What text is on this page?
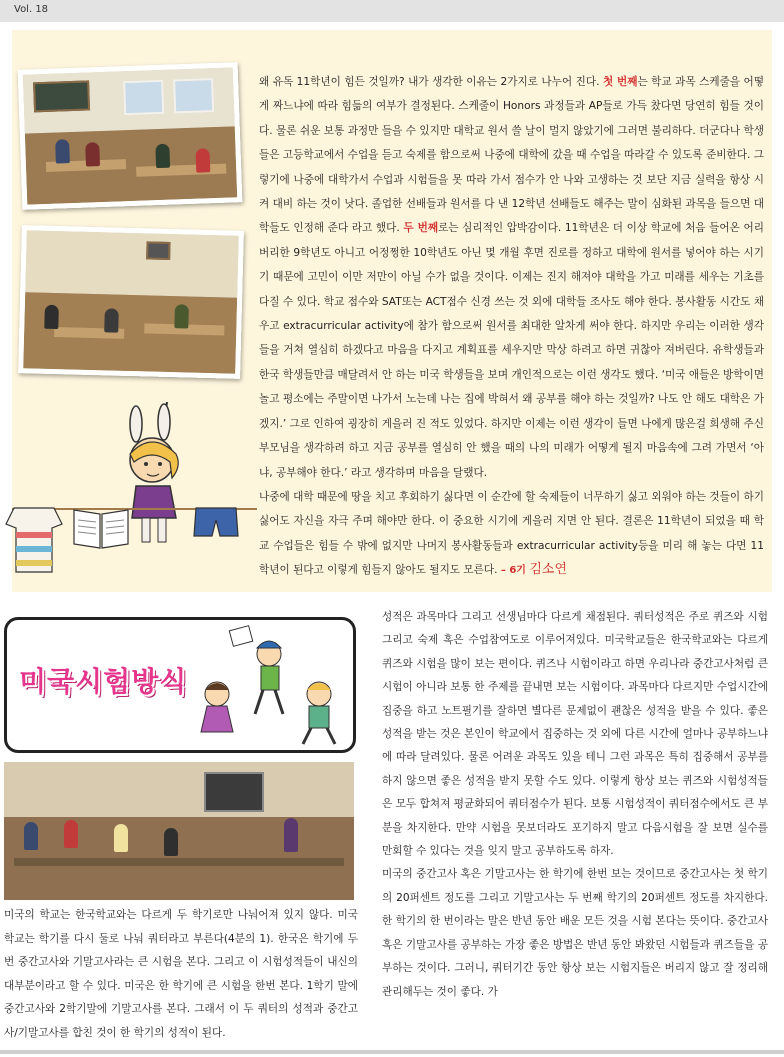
Vol. 18

왜 유독 11학년이 힘든 것일까? 내가 생각한 이유는 2가지로 나누어 진다. 첫 번째는 학교 과목 스케줄을 어떻게 짜느냐에 따라 힘듦의 여부가 결정된다. 스케줄이 Honors 과정들과 AP들로 가득 찼다면 당연히 힘들 것이다. 물론 쉬운 보통 과정만 들을 수 있지만 대학교 원서 쓸 날이 멀지 않았기에 그러면 불리하다. 더군다나 학생들은 고등학교에서 수업을 듣고 숙제를 함으로써 나중에 대학에 갔을 때 수업을 따라갈 수 있도록 준비한다. 그렇기에 나중에 대학가서 수업과 시험들을 못 따라 가서 점수가 안 나와 고생하는 것 보단 지금 실력을 항상 시켜 대비 하는 것이 낫다. 졸업한 선배들과 원서를 다 낸 12학년 선배들도 해주는 말이 심화된 과목을 들으면 대학들도 인정해 준다 라고 했다. 두 번째로는 심리적인 압박감이다. 11학년은 더 이상 학교에 처음 들어온 어리버리한 9학년도 아니고 어정쩡한 10학년도 아닌 몇 개월 후면 진로를 정하고 대학에 원서를 넣어야 하는 시기기 때문에 고민이 이만 저만이 아닐 수가 없을 것이다. 이제는 진지 해져야 대학을 가고 미래를 세우는 기초를 다질 수 있다. 학교 점수와 SAT또는 ACT점수 신경 쓰는 것 외에 대학들 조사도 해야 한다. 봉사활동 시간도 채우고 extracurricular activity에 참가 함으로써 원서를 최대한 알차게 써야 한다. 하지만 우리는 이러한 생각들을 거쳐 열심히 하겠다고 마음을 다지고 계획표를 세우지만 막상 하려고 하면 귀찮아 져버린다. 유학생들과 한국 학생들만큼 매달려서 안 하는 미국 학생들을 보며 개인적으로는 이런 생각도 했다. ‘미국 애들은 방학이면 놀고 평소에는 주말이면 나가서 노는데 나는 집에 박혀서 왜 공부를 해야 하는 것일까? 나도 안 해도 대학은 가겠지.’ 그로 인하여 굉장히 게을러 진 적도 있었다. 하지만 이제는 이런 생각이 들면 나에게 많은걸 희생해 주신 부모님을 생각하려 하고 지금 공부를 열심히 안 했을 때의 나의 미래가 어떻게 될지 마음속에 그려 가면서 ‘아냐, 공부해야 한다.’ 라고 생각하며 마음을 달랬다.

나중에 대학 때문에 땅을 치고 후회하기 싫다면 이 순간에 할 숙제들이 너무하기 싫고 외워야 하는 것들이 하기 싫어도 자신을 자극 주며 해야만 한다. 이 중요한 시기에 게을러 지면 안 된다. 결론은 11학년이 되었을 때 학교 수업들은 힘들 수 밖에 없지만 나머지 봉사활동들과 extracurricular activity등을 미리 해 놓는 다면 11학년이 된다고 이렇게 힘들지 않아도 될지도 모른다. – 6기 김소연

미국시험방식
미국의 학교는 한국학교와는 다르게 두 학기로만 나눠어져 있지 않다. 미국 학교는 학기를 다시 둘로 나눠 쿼터라고 부른다(4분의 1). 한국은 학기에 두 번 중간고사와 기말고사라는 큰 시험을 본다. 그리고 이 시험성적들이 내신의 대부분이라고 할 수 있다. 미국은 한 학기에 큰 시험을 한번 본다. 1학기 말에 중간고사와 2학기말에 기말고사를 본다. 그래서 이 두 쿼터의 성적과 중간고사/기말고사를 합친 것이 한 학기의 성적이 된다.

성적은 과목마다 그리고 선생님마다 다르게 채점된다. 쿼터성적은 주로 퀴즈와 시험 그리고 숙제 혹은 수업참여도로 이루어져있다. 미국학교들은 한국학교와는 다르게 퀴즈와 시험을 많이 보는 편이다. 퀴즈나 시험이라고 하면 우리나라 중간고사처럼 큰 시험이 아니라 보통 한 주제를 끝내면 보는 시험이다. 과목마다 다르지만 수업시간에 집중을 하고 노트필기를 잘하면 별다른 문제없이 괜찮은 성적을 받을 수 있다. 좋은 성적을 받는 것은 본인이 학교에서 집중하는 것 외에 다른 시간에 얼마나 공부하느냐에 따라 달려있다. 물론 어려운 과목도 있을 테니 그런 과목은 특히 집중해서 공부를 하지 않으면 좋은 성적을 받지 못할 수도 있다. 이렇게 항상 보는 퀴즈와 시험성적들은 모두 합쳐져 평균화되어 쿼터점수가 된다. 보통 시험성적이 쿼터점수에서도 큰 부분을 차지한다. 만약 시험을 못보더라도 포기하지 말고 다음시험을 잘 보면 실수를 만회할 수 있다는 것을 잊지 말고 공부하도록 하자.

미국의 중간고사 혹은 기말고사는 한 학기에 한번 보는 것이므로 중간고사는 첫 학기의 20퍼센트 정도를 그리고 기말고사는 두 번째 학기의 20퍼센트 정도를 차지한다. 한 학기의 한 번이라는 말은 반년 동안 배운 모든 것을 시험 본다는 뜻이다. 중간고사 혹은 기말고사를 공부하는 가장 좋은 방법은 반년 동안 봐왔던 시험들과 퀴즈들을 공부하는 것이다. 그러니, 쿼터기간 동안 항상 보는 시험지들은 버리지 않고 잘 정리해 관리해두는 것이 좋다. 가
